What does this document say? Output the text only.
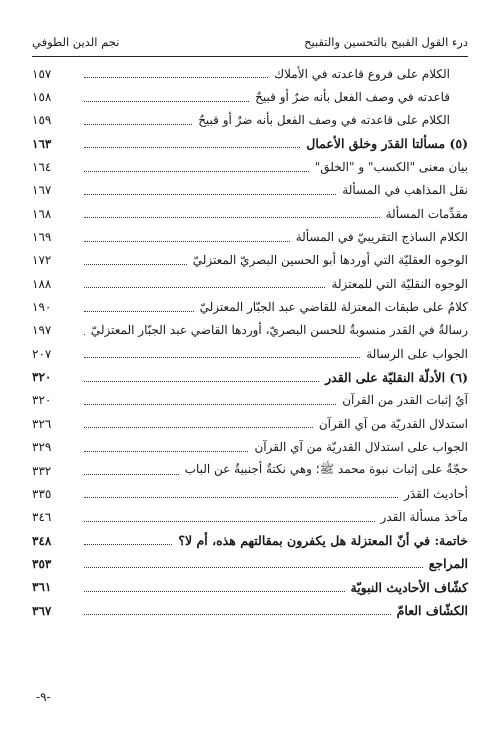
درء القول القبيح بالتحسين والتقبيح
نجم الدين الطوفي
الكلام على فروع قاعدته في الأملاك
١٥٧
قاعدته في وصف الفعل بأنه ضرٌ أو قبيحٌ
١٥٨
الكلام على قاعدته في وصف الفعل بأنه ضرٌ أو قبيحٌ
١٥٩
(٥) مسألتا القدَر وخلق الأعمال
١٦٣
بيان معنى "الكسب" و "الخلق"
١٦٤
نقل المذاهب في المسألة
١٦٧
مقدِّمات المسألة
١٦٨
الكلام الساذج التقريبيّ في المسألة
١٦٩
الوجوه العقليّة التي أوردها أبو الحسين البصريّ المعتزليّ
١٧٢
الوجوه النقليّة التي للمعتزلة
١٨٨
كلامٌ على طبقات المعتزلة للقاضي عبد الجبّار المعتزليّ
١٩٠
رسالةٌ في القدر منسوبةٌ للحسن البصريّ، أوردها القاضي عبد الجبّار المعتزليّ
١٩٧
الجواب على الرسالة
٢٠٧
(٦) الأدلّة النقليّة على القدر
٣٢٠
آيُ إثبات القدر من القرآن
٣٢٠
استدلال القدريّة من آي القرآن
٣٢٦
الجواب على استدلال القدريّة من آي القرآن
٣٢٩
حجّةٌ على إثبات نبوة محمد ﷺ؛ وهي نكتةٌ أجنبيةٌ عن الباب
٣٣٢
أحاديث القدَر
٣٣٥
مآخذ مسألة القدر
٣٤٦
خاتمة: في أنّ المعتزلة هل يكفرون بمقالتهم هذه، أم لا؟
٣٤٨
المراجع
٣٥٣
كشّاف الأحاديث النبويّة
٣٦١
الكشّاف العامّ
٣٦٧
-٩-
